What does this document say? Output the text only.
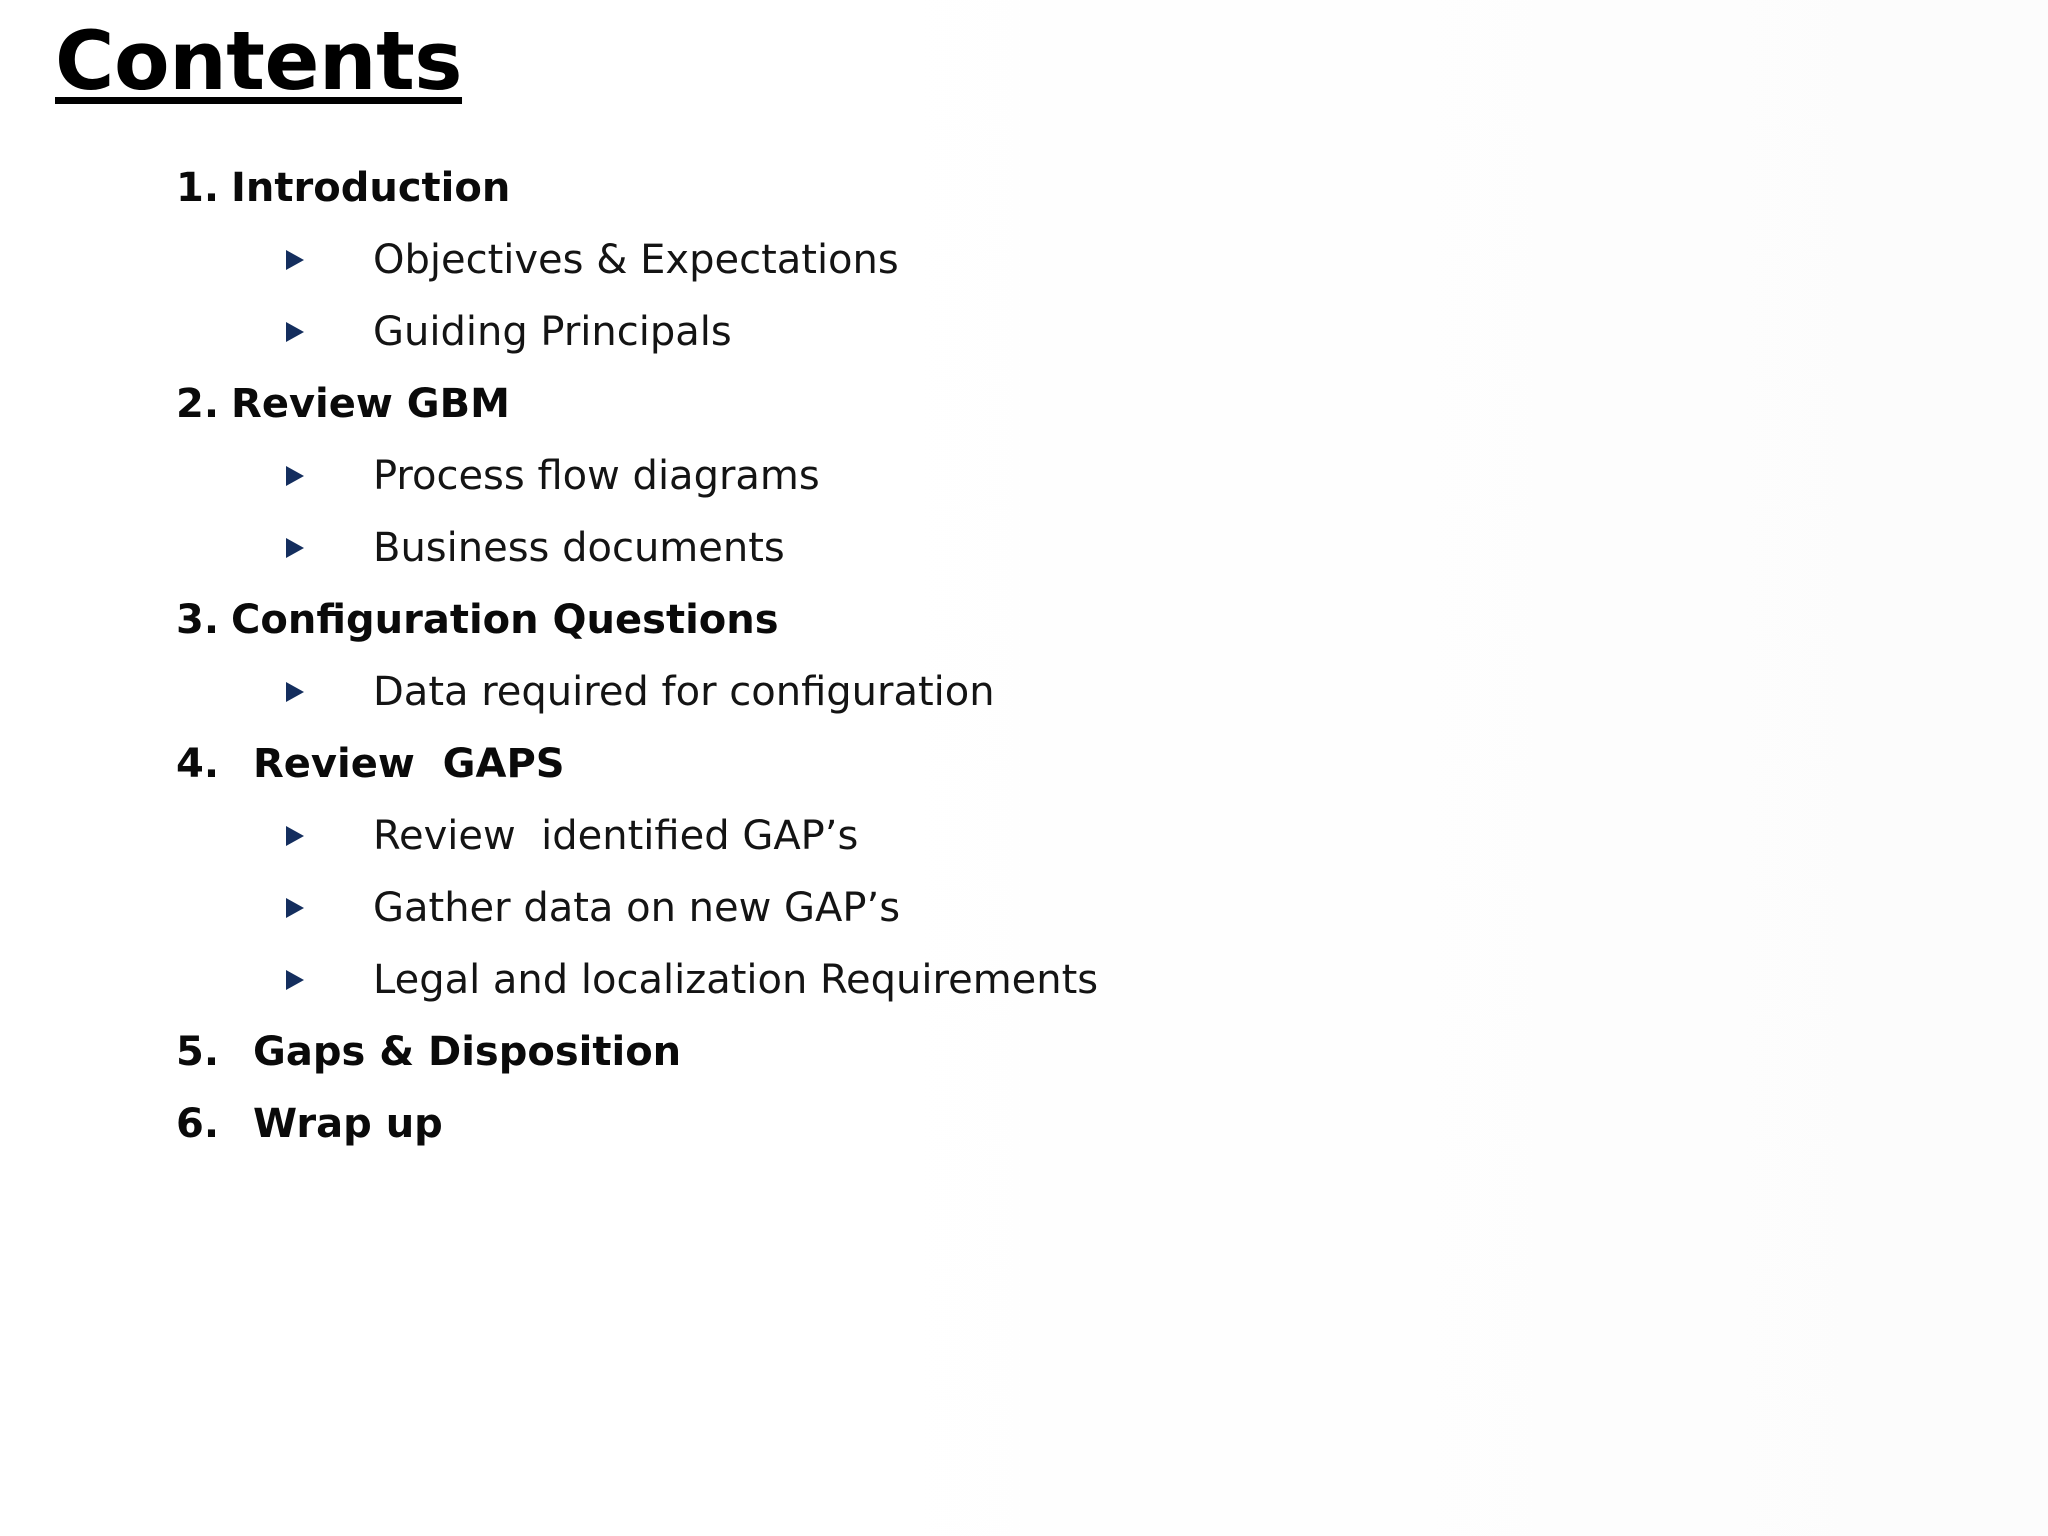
Contents
1. Introduction
Objectives & Expectations
Guiding Principals
2. Review GBM
Process flow diagrams
Business documents
3. Configuration Questions
Data required for configuration
4. Review  GAPS
Review  identified GAP’s
Gather data on new GAP’s
Legal and localization Requirements
5. Gaps & Disposition
6. Wrap up
